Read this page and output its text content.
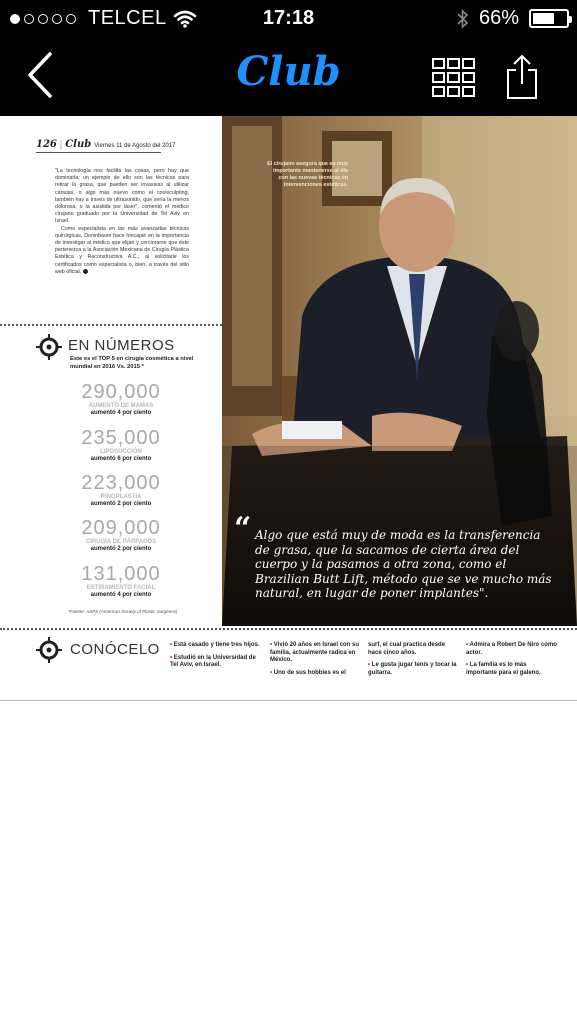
TELCEL	17:18	66%
Club
126 | Club Viernes 11 de Agosto del 2017

"La tecnología nos facilita las cosas, pero hay que dominarla; un ejemplo de ello son las técnicas para retirar la grasa, que pueden ser invasivas al utilizar cánulas, o algo más nuevo como el coolsculpting, también hay a través de ultrasonido, que sería la menos dolorosa, o la asistida por láser", comentó el médico cirujano graduado por la Universidad de Tel Aviv en Israel.

Como especialista en las más avanzadas técnicas quirúrgicas, Doninbaum hace hincapié en la importancia de investigar al médico que elijan y cerciorarse que éste pertenezca a la Asociación Mexicana de Cirugía Plástica Estética y Reconstructiva A.C., al solicitarle los certificados como especialista o, bien, a través del sitio web oficial.

EN NÚMEROS
Este es el TOP 5 en cirugía cosmética a nivel mundial en 2016 Vs. 2015 *
290,000
AUMENTO DE MAMAS
aumentó 4 por ciento
235,000
LIPOSUCCIÓN
aumentó 6 por ciento
223,000
RINOPLASTIA
aumentó 2 por ciento
209,000
CIRUGÍA DE PÁRPADOS
aumentó 2 por ciento
131,000
ESTIRAMIENTO FACIAL
aumentó 4 por ciento
*Fuente: ASPS (American Society of Plastic Surgeons)
El cirujano asegura que es muy importante mantenerse al día con las nuevas técnicas en intervenciones estéticas.
“ Algo que está muy de moda es la transferencia de grasa, que la sacamos de cierta área del cuerpo y la pasamos a otra zona, como el Brazilian Butt Lift, método que se ve mucho más natural, en lugar de poner implantes".
CONÓCELO • Está casado y tiene tres hijos.
• Estudió en la Universidad de Tel Aviv, en Israel.
• Vivió 20 años en Israel con su familia, actualmente radica en México.
• Uno de sus hobbies es el
surf, el cual practica desde hace cinco años.
• Le gusta jugar tenis y tocar la guitarra.
• Admira a Robert De Niro como actor.
• La familia es lo más importante para el galeno.
